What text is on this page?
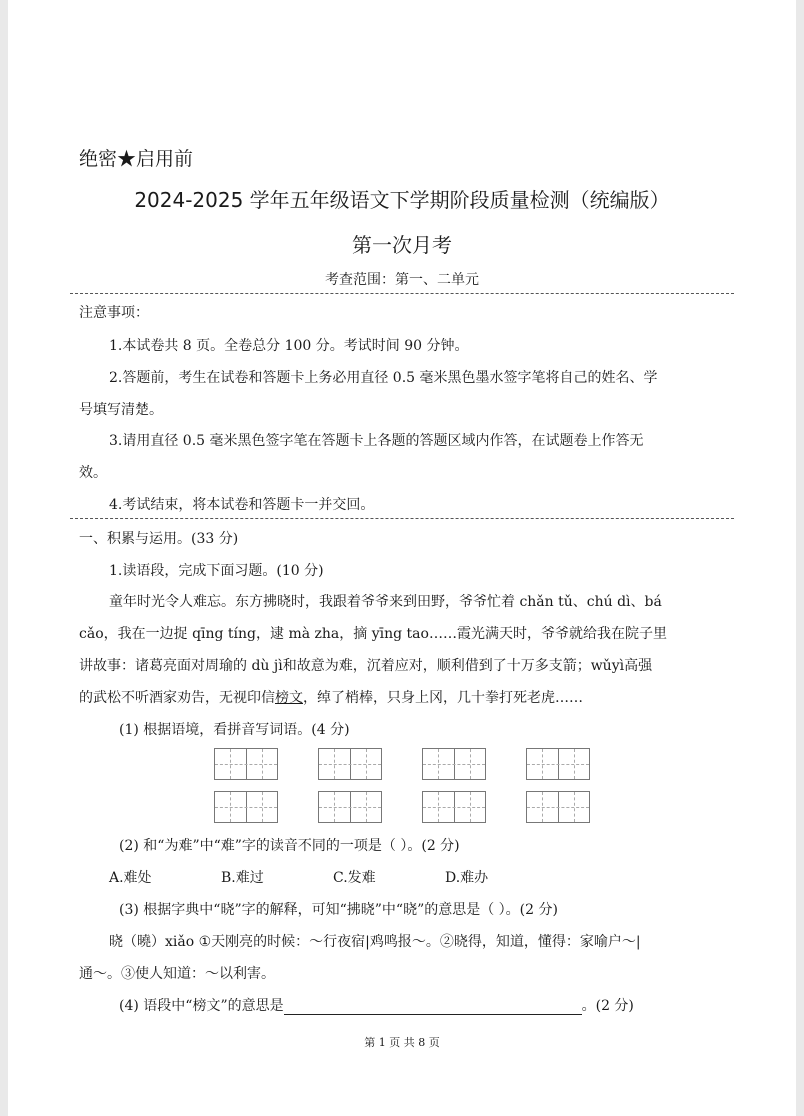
绝密★启用前
2024-2025 学年五年级语文下学期阶段质量检测（统编版）
第一次月考
考查范围：第一、二单元
注意事项：
1.本试卷共 8 页。全卷总分 100 分。考试时间 90 分钟。
2.答题前，考生在试卷和答题卡上务必用直径 0.5 毫米黑色墨水签字笔将自己的姓名、学
号填写清楚。
3.请用直径 0.5 毫米黑色签字笔在答题卡上各题的答题区域内作答，在试题卷上作答无
效。
4.考试结束，将本试卷和答题卡一并交回。
一、积累与运用。(33 分)
1.读语段，完成下面习题。(10 分)
童年时光令人难忘。东方拂晓时，我跟着爷爷来到田野，爷爷忙着 chǎn tǔ、chú dì、bá
cǎo，我在一边捉 qīng tíng，逮 mà zha，摘 yīng tao……霞光满天时，爷爷就给我在院子里
讲故事：诸葛亮面对周瑜的 dù jì和故意为难，沉着应对，顺利借到了十万多支箭；wǔyì高强
的武松不听酒家劝告，无视印信榜文，绰了梢棒，只身上冈，几十拳打死老虎……
(1) 根据语境，看拼音写词语。(4 分)
(2) 和“为难”中“难”字的读音不同的一项是（ ）。(2 分)
A.难处	B.难过	C.发难	D.难办
(3) 根据字典中“晓”字的解释，可知“拂晓”中“晓”的意思是（ ）。(2 分)
晓（曉）xiǎo ①天刚亮的时候：～行夜宿|鸡鸣报～。②晓得，知道，懂得：家喻户～|
通～。③使人知道：～以利害。
(4) 语段中“榜文”的意思是	。(2 分)
第 1 页 共 8 页
